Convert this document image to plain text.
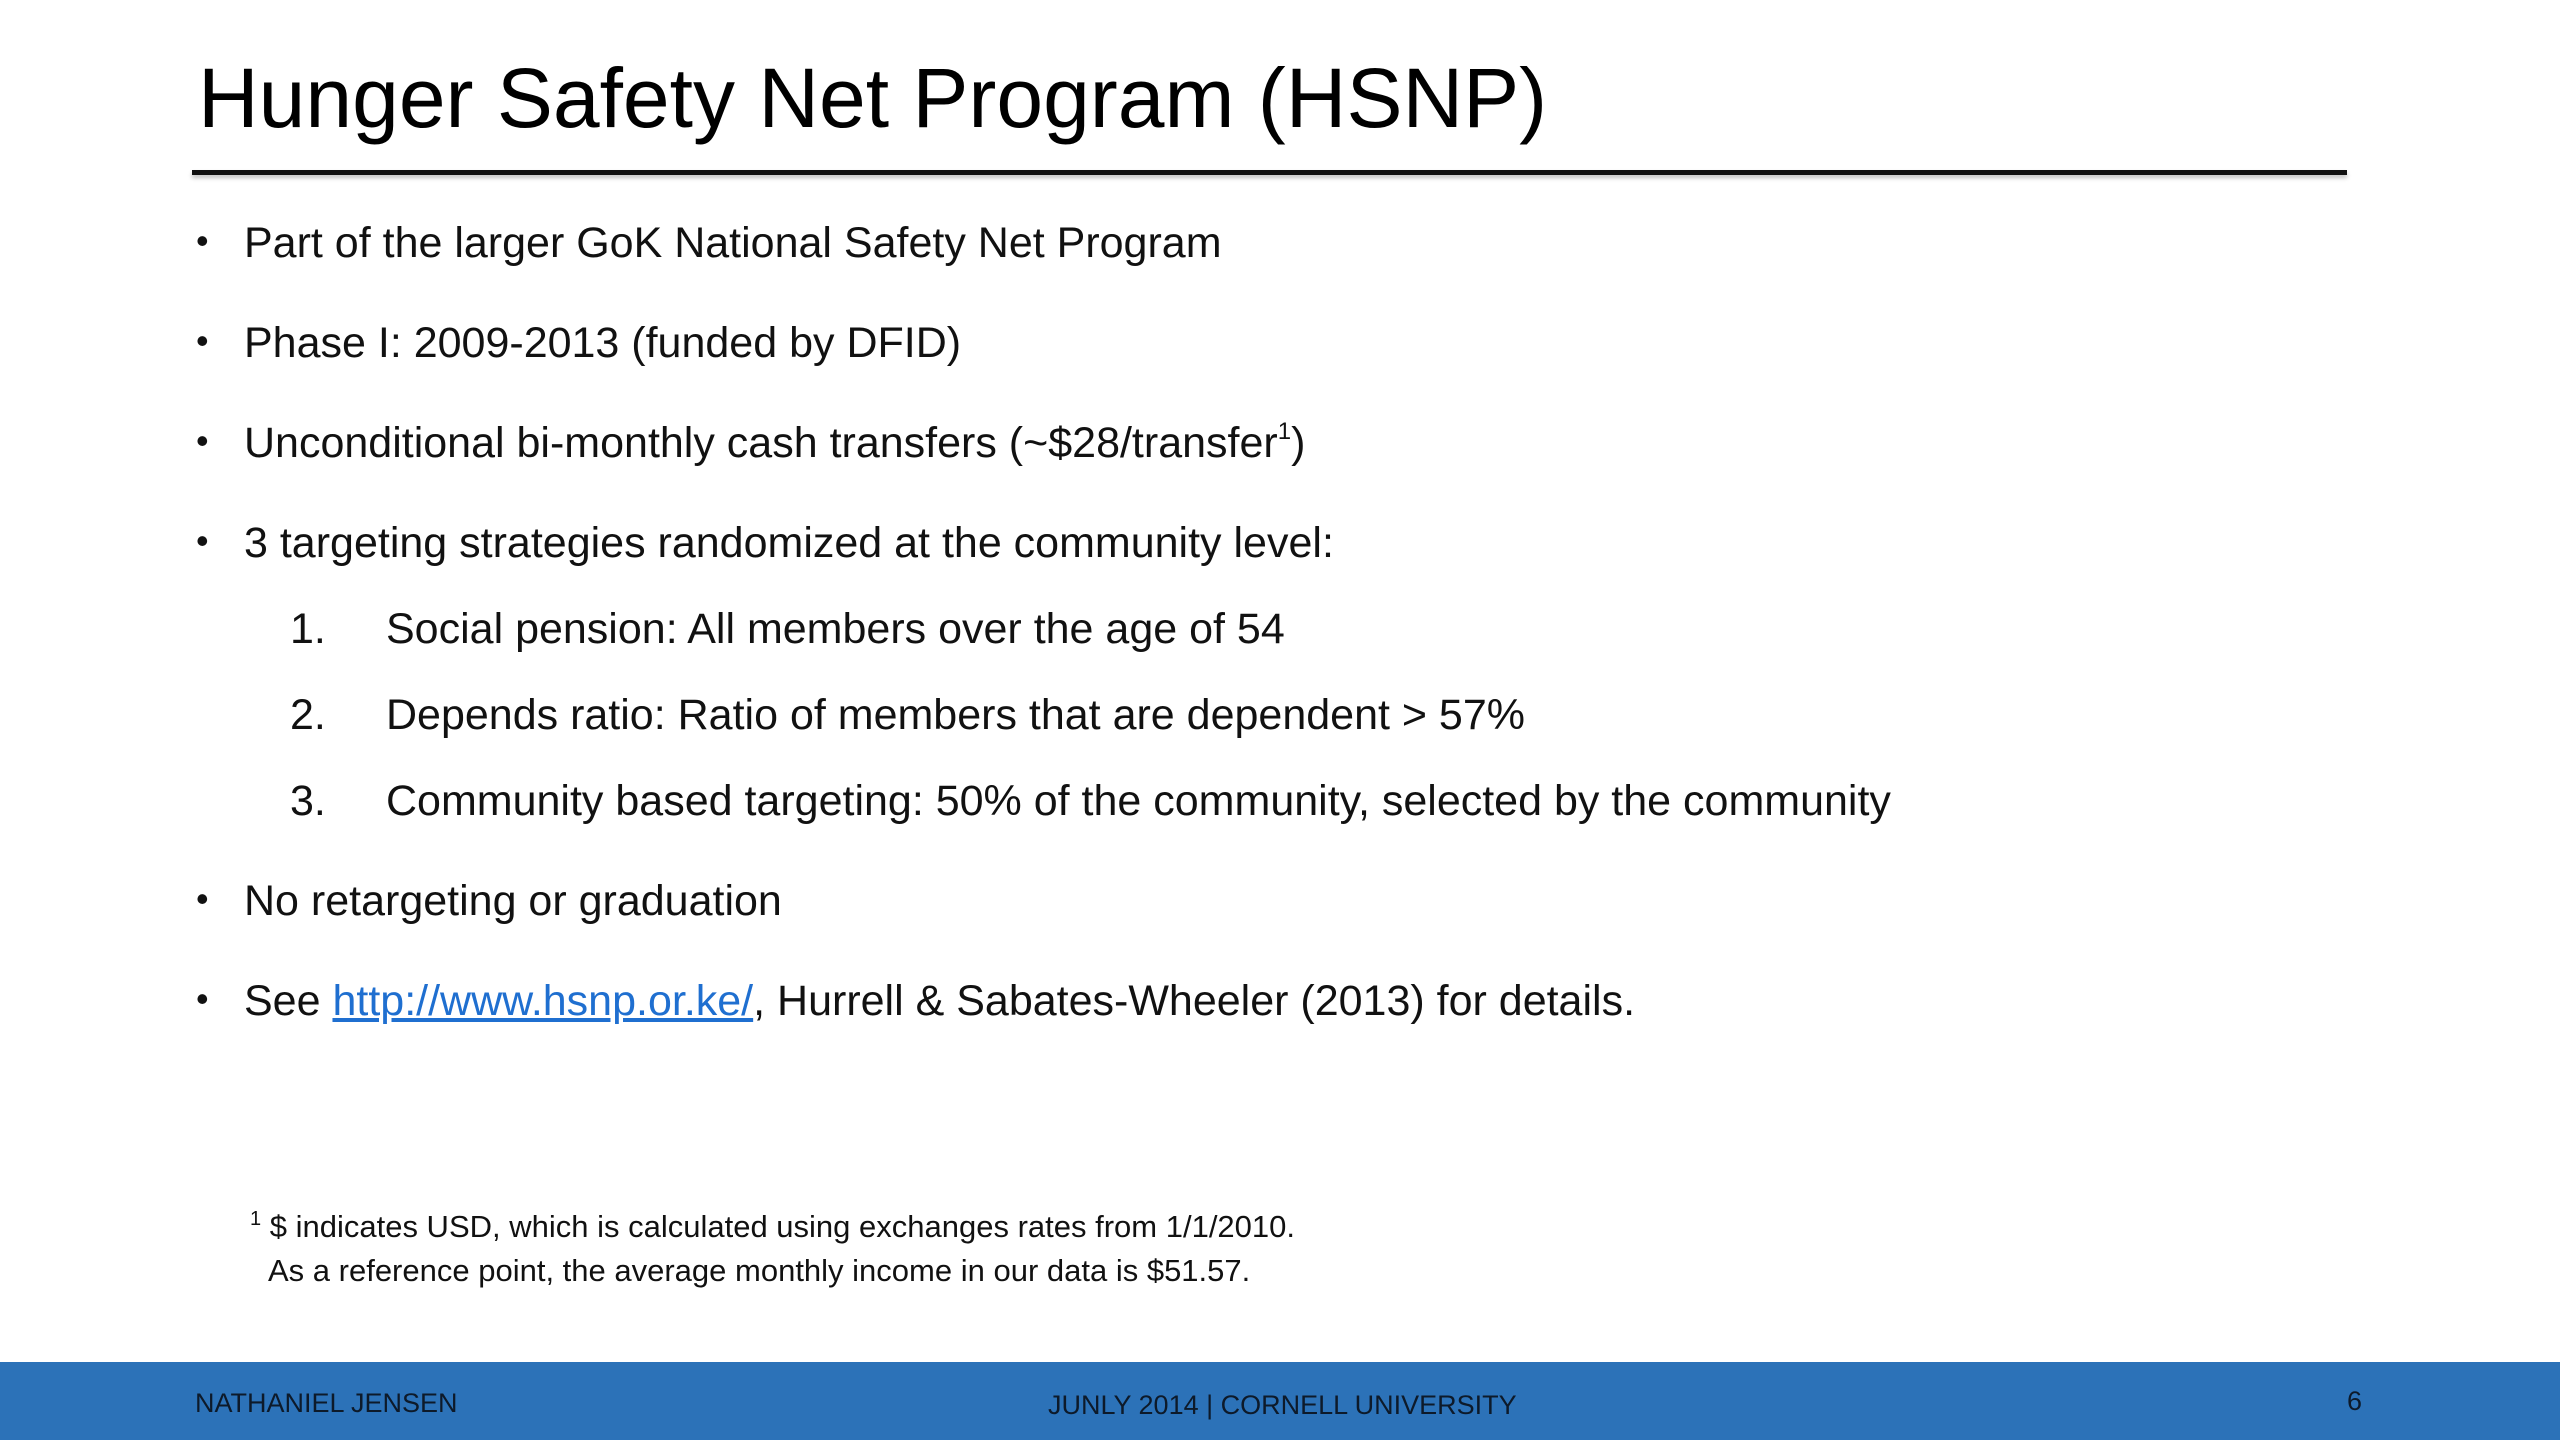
Hunger Safety Net Program (HSNP)
• Part of the larger GoK National Safety Net Program
• Phase I: 2009-2013 (funded by DFID)
• Unconditional bi-monthly cash transfers (~$28/transfer$^1$)
• 3 targeting strategies randomized at the community level:
1. Social pension: All members over the age of 54
2. Depends ratio: Ratio of members that are dependent > 57%
3. Community based targeting: 50% of the community, selected by the community
• No retargeting or graduation
• See http://www.hsnp.or.ke/, Hurrell & Sabates-Wheeler (2013) for details.
$^1$ $ indicates USD, which is calculated using exchanges rates from 1/1/2010.
As a reference point, the average monthly income in our data is $51.57.
NATHANIEL JENSEN	JUNLY 2014 | CORNELL UNIVERSITY	6
